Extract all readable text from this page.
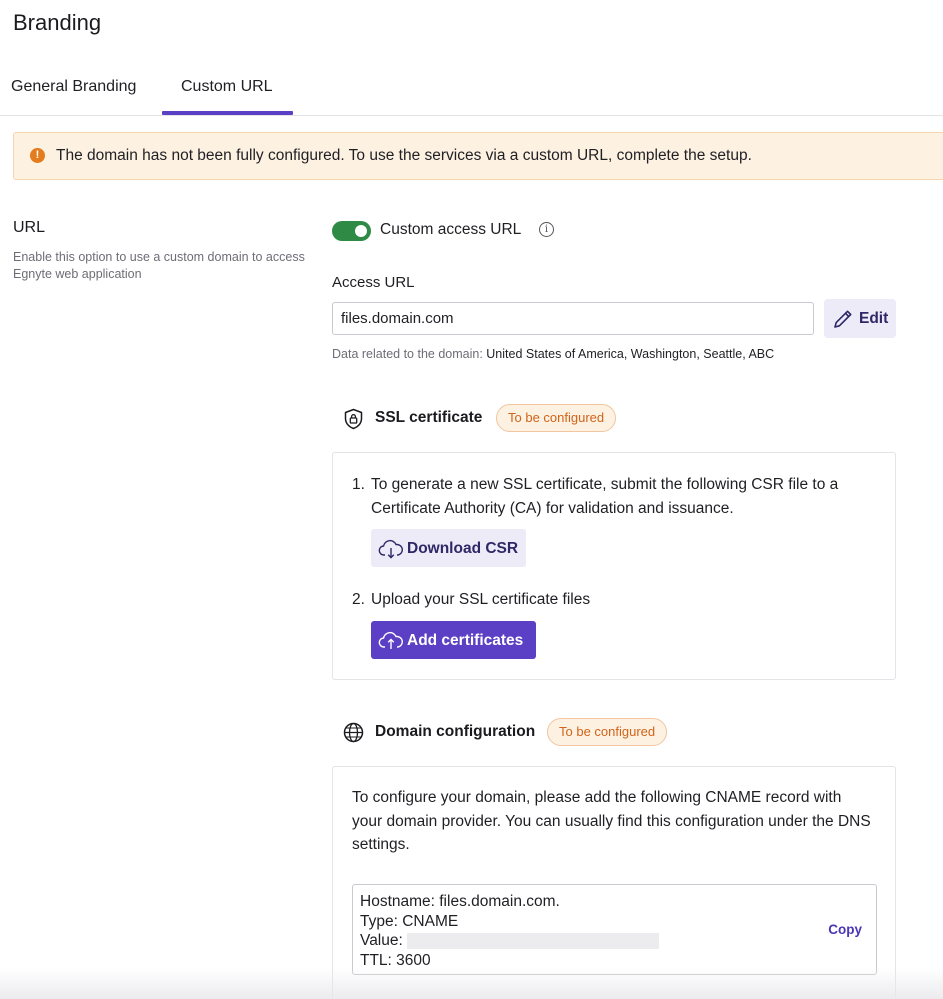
Branding
General Branding	Custom URL
!	The domain has not been fully configured. To use the services via a custom URL, complete the setup.
URL
Enable this option to use a custom domain to access Egnyte web application
Custom access URL	i
Access URL
files.domain.com
Edit
Data related to the domain: United States of America, Washington, Seattle, ABC
SSL certificate	To be configured
1. To generate a new SSL certificate, submit the following CSR file to a Certificate Authority (CA) for validation and issuance.
Download CSR
2. Upload your SSL certificate files
Add certificates
Domain configuration	To be configured
To configure your domain, please add the following CNAME record with your domain provider. You can usually find this configuration under the DNS settings.
Hostname: files.domain.com.
Type: CNAME
Value:
TTL: 3600
Copy
